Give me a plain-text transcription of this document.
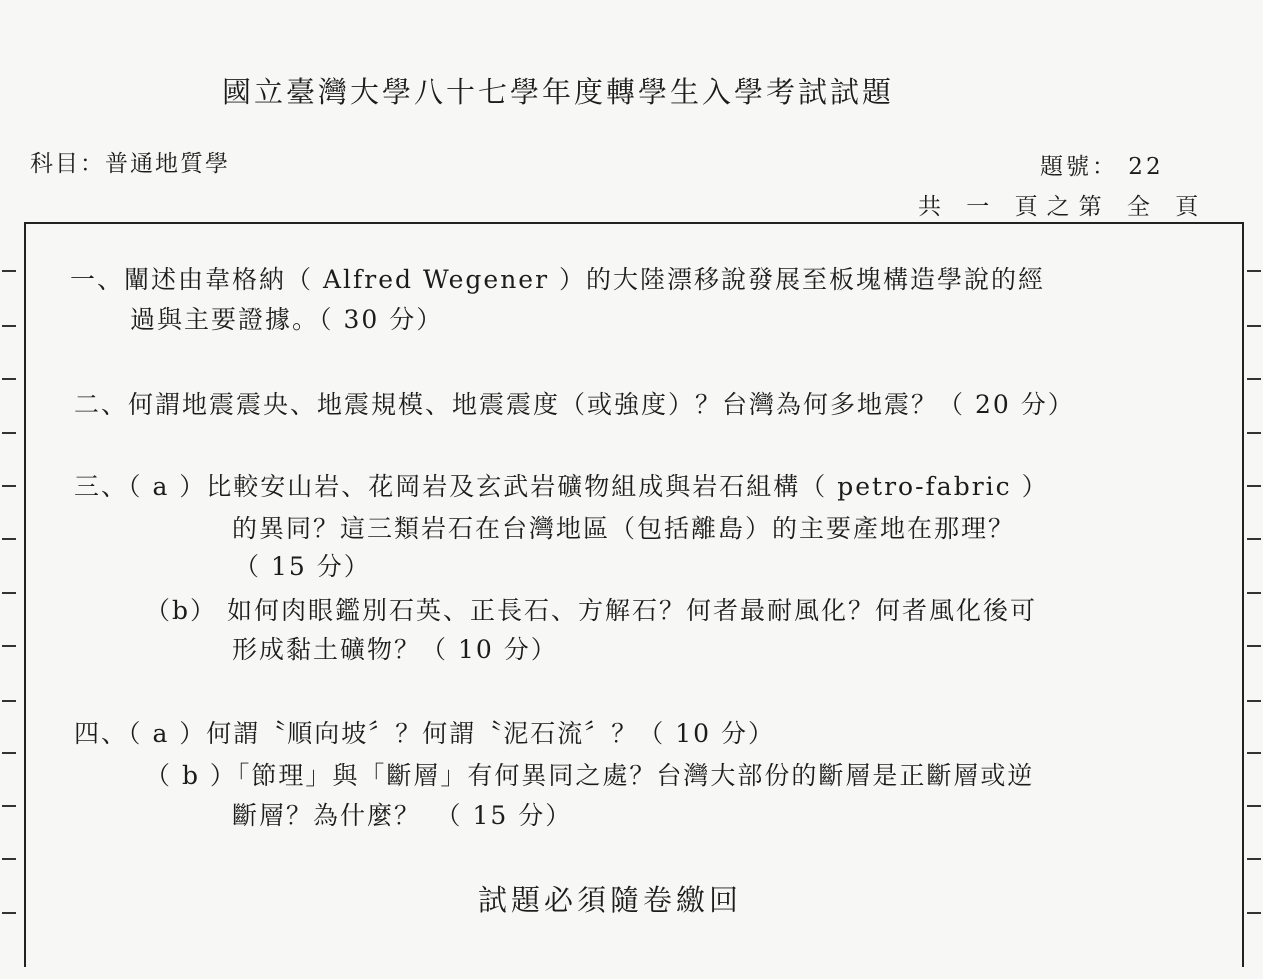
國立臺灣大學八十七學年度轉學生入學考試試題
科目：普通地質學	題號： 22
共 一 頁之第 全 頁
一、闡述由韋格納（ Alfred Wegener ）的大陸漂移說發展至板塊構造學說的經
過與主要證據。（ 30 分）
二、何謂地震震央、地震規模、地震震度（或強度）？台灣為何多地震？（ 20 分）
三、（ a ）比較安山岩、花岡岩及玄武岩礦物組成與岩石組構（ petro-fabric ）
的異同？這三類岩石在台灣地區（包括離島）的主要產地在那理？
（ 15 分）
（b） 如何肉眼鑑別石英、正長石、方解石？何者最耐風化？何者風化後可
形成黏土礦物？（ 10 分）
四、（ a ）何謂〝順向坡〞？何謂〝泥石流〞？（ 10 分）
（ b ）「節理」與「斷層」有何異同之處？台灣大部份的斷層是正斷層或逆
斷層？為什麼？　（ 15 分）
試題必須隨卷繳回
